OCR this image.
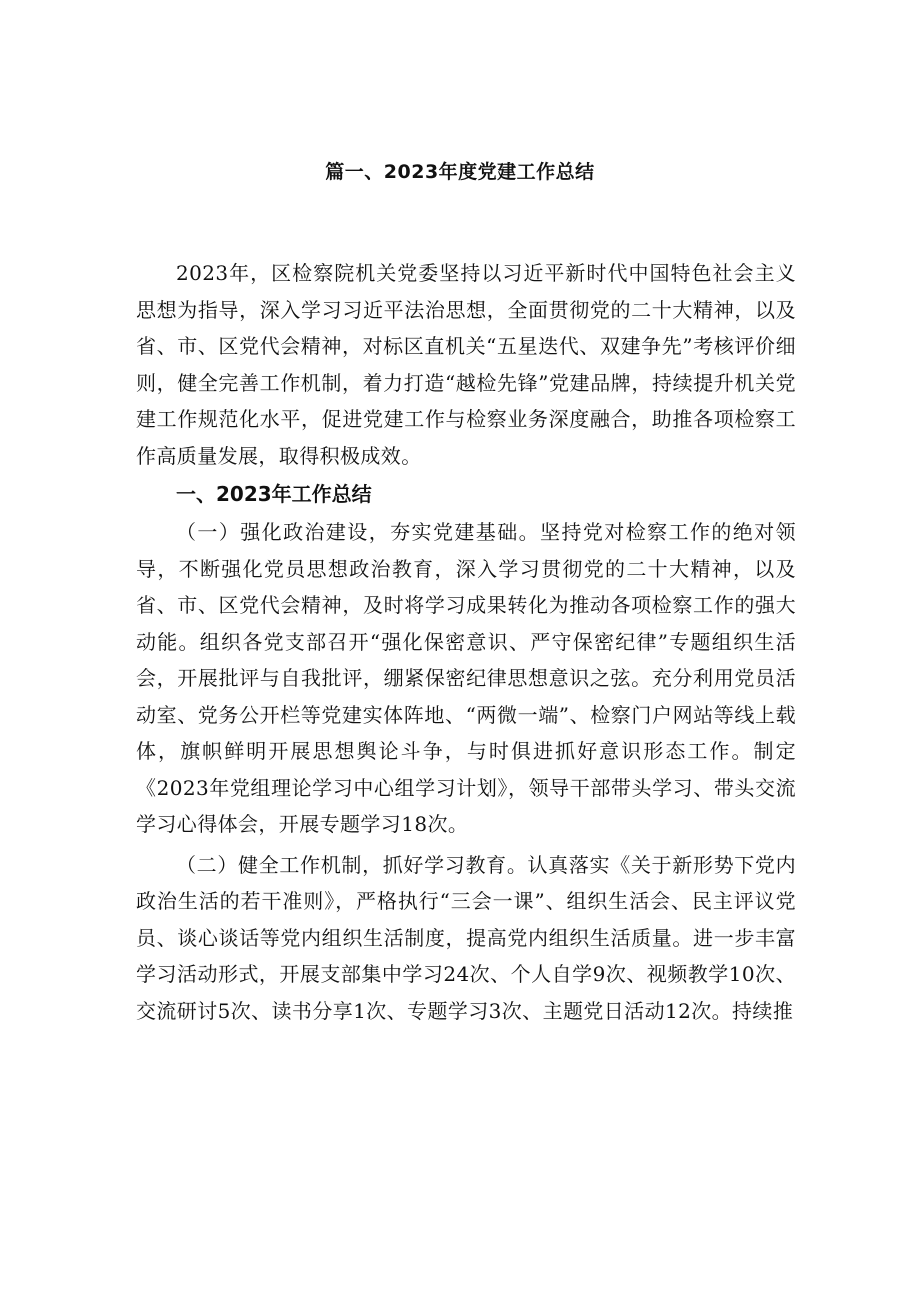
篇一、2023年度党建工作总结

2023年，区检察院机关党委坚持以习近平新时代中国特色社会主义思想为指导，深入学习习近平法治思想，全面贯彻党的二十大精神，以及省、市、区党代会精神，对标区直机关“五星迭代、双建争先”考核评价细则，健全完善工作机制，着力打造“越检先锋”党建品牌，持续提升机关党建工作规范化水平，促进党建工作与检察业务深度融合，助推各项检察工作高质量发展，取得积极成效。

一、2023年工作总结

（一）强化政治建设，夯实党建基础。坚持党对检察工作的绝对领导，不断强化党员思想政治教育，深入学习贯彻党的二十大精神，以及省、市、区党代会精神，及时将学习成果转化为推动各项检察工作的强大动能。组织各党支部召开“强化保密意识、严守保密纪律”专题组织生活会，开展批评与自我批评，绷紧保密纪律思想意识之弦。充分利用党员活动室、党务公开栏等党建实体阵地、“两微一端”、检察门户网站等线上载体，旗帜鲜明开展思想舆论斗争，与时俱进抓好意识形态工作。制定《2023年党组理论学习中心组学习计划》，领导干部带头学习、带头交流学习心得体会，开展专题学习18次。

（二）健全工作机制，抓好学习教育。认真落实《关于新形势下党内政治生活的若干准则》，严格执行“三会一课”、组织生活会、民主评议党员、谈心谈话等党内组织生活制度，提高党内组织生活质量。进一步丰富学习活动形式，开展支部集中学习24次、个人自学9次、视频教学10次、交流研讨5次、读书分享1次、专题学习3次、主题党日活动12次。持续推
